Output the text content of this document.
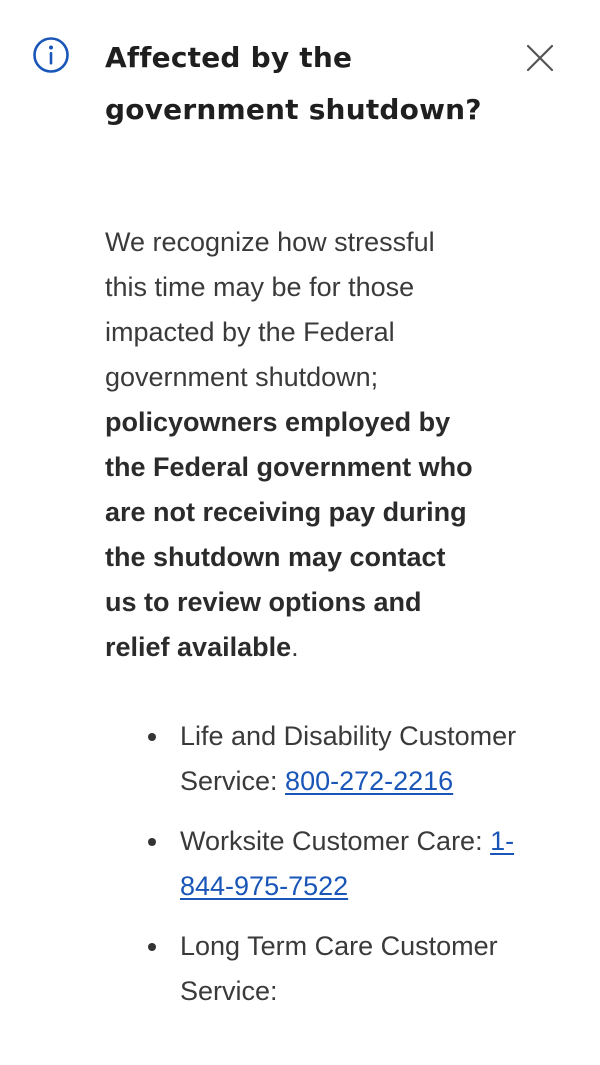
Affected by the government shutdown?

We recognize how stressful this time may be for those impacted by the Federal government shutdown; policyowners employed by the Federal government who are not receiving pay during the shutdown may contact us to review options and relief available.

Life and Disability Customer Service: 800-272-2216
Worksite Customer Care: 1-844-975-7522
Long Term Care Customer Service:
